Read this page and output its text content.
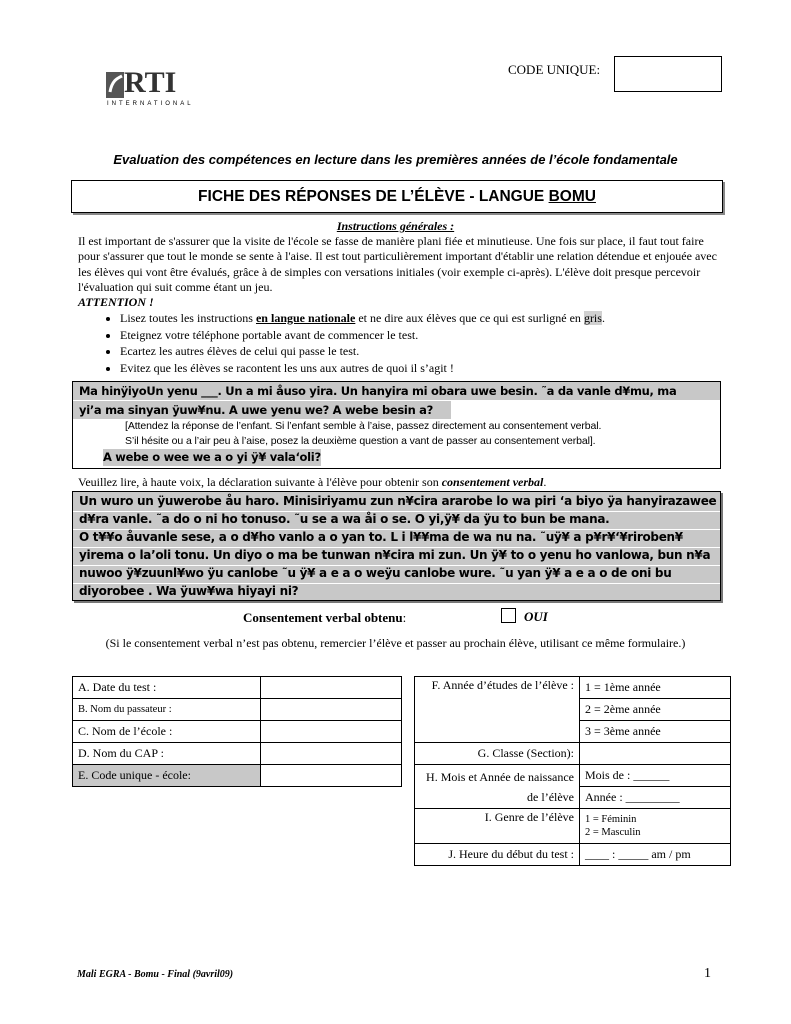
RTI
INTERNATIONAL
CODE UNIQUE:
Evaluation des compétences en lecture dans les premières années de l’école fondamentale
FICHE DES RÉPONSES DE L’ÉLÈVE - LANGUE BOMU
Instructions générales :
Il est important de s'assurer que la visite de l'école se fasse de manière plani fiée et minutieuse. Une fois sur place, il faut tout faire pour s'assurer que tout le monde se sente à l'aise. Il est tout particulièrement important d'établir une relation détendue et enjouée avec les élèves qui vont être évalués, grâce à de simples con versations initiales (voir exemple ci-après). L'élève doit presque percevoir l'évaluation qui suit comme étant un jeu.
ATTENTION !
• Lisez toutes les instructions en langue nationale et ne dire aux élèves que ce qui est surligné en gris.
• Eteignez votre téléphone portable avant de commencer le test.
• Ecartez les autres élèves de celui qui passe le test.
• Evitez que les élèves se racontent les uns aux autres de quoi il s’agit !
Ma hinÿiyoUn yenu ___. Un a mi åuso yira. Un hanyira mi obara uwe besin. ˜a da vanle d¥mu, ma
yi’a ma sinyan ÿuw¥nu. A uwe yenu we? A webe besin a?
[Attendez la réponse de l’enfant. Si l’enfant semble à l’aise, passez directement au consentement verbal.
S’il hésite ou a l’air peu à l’aise, posez la deuxième question a vant de passer au consentement verbal].
A webe o wee we a o yi ÿ¥ vala‘oli?
Veuillez lire, à haute voix, la déclaration suivante à l'élève pour obtenir son consentement verbal.
Un wuro un ÿuwerobe åu haro. Minisiriyamu zun n¥cira ararobe lo wa piri ‘a biyo ÿa hanyirazawee
d¥ra vanle. ˜a do o ni ho tonuso. ˜u se a wa åi o se. O yi,ÿ¥ da ÿu to bun be mana.
O t¥¥o åuvanle sese, a o d¥ho vanlo a o yan to. L i l¥¥ma de wa nu na. ˜uÿ¥ a p¥r¥‘¥riroben¥
yirema o la’oli tonu. Un diyo o ma be tunwan n¥cira mi zun. Un ÿ¥ to o yenu ho vanlowa, bun n¥a
nuwoo ÿ¥zuunl¥wo ÿu canlobe ˜u ÿ¥ a e a o weÿu canlobe wure. ˜u yan ÿ¥ a e a o de oni bu
diyorobee . Wa ÿuw¥wa hiyayi ni?
Consentement verbal obtenu:	OUI
(Si le consentement verbal n’est pas obtenu, remercier l’élève et passer au prochain élève, utilisant ce même formulaire.)
A. Date du test :	
B. Nom du passateur :	
C. Nom de l’école :	
D. Nom du CAP :	
E. Code unique - école:	
F. Année d’études de l’élève :	1 = 1ème année
	2 = 2ème année
	3 = 3ème année
G. Classe (Section):	
H. Mois et Année de naissance de l’élève	Mois de : ______
	Année : _________
I. Genre de l’élève	1 = Féminin
2 = Masculin

J. Heure du début du test :	____ : _____ am / pm
Mali EGRA - Bomu - Final (9avril09)	1
